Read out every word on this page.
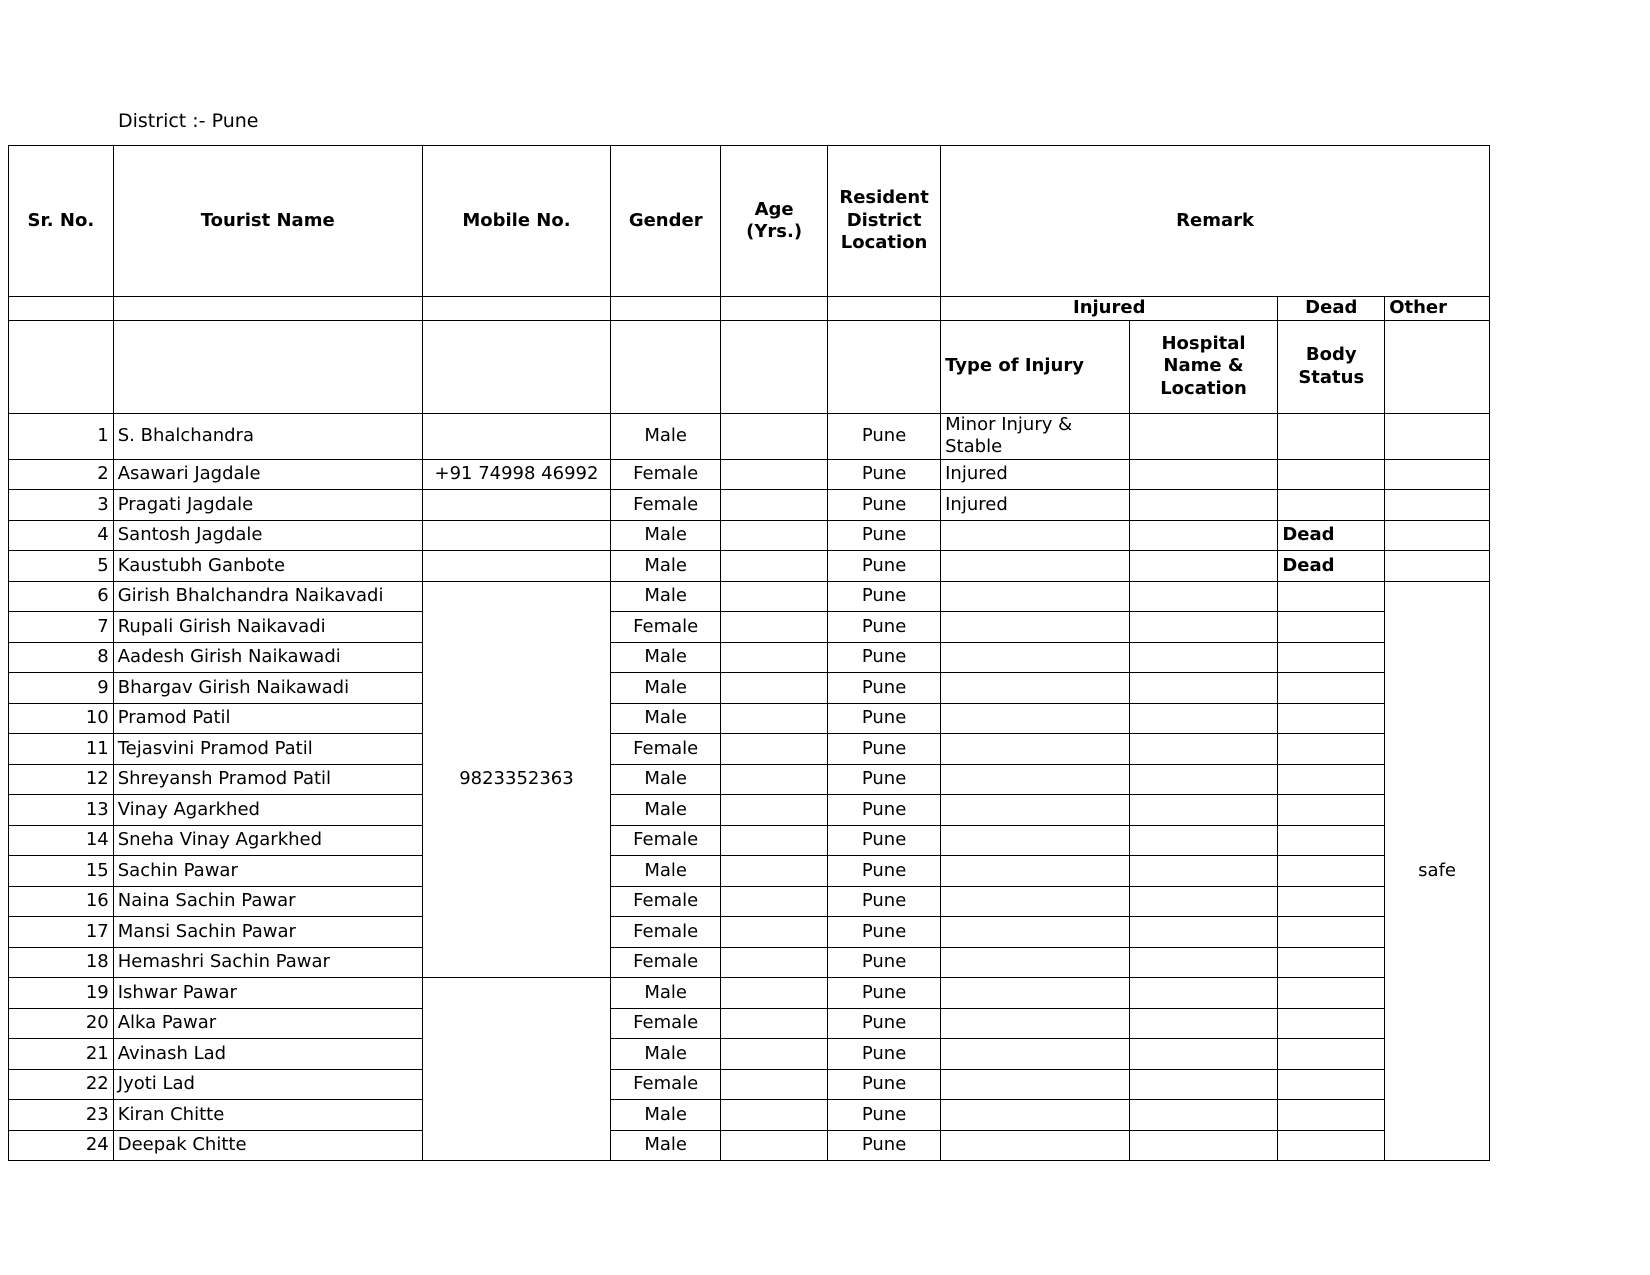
District :- Pune
Sr. No.	Tourist Name	Mobile No.	Gender	Age (Yrs.)	Resident District Location	Remark			
						Injured		Dead	Other
						Type of Injury	Hospital Name & Location	Body Status	
1	S. Bhalchandra		Male		Pune	Minor Injury & Stable			
2	Asawari Jagdale	+91 74998 46992	Female		Pune	Injured			
3	Pragati Jagdale		Female		Pune	Injured			
4	Santosh Jagdale		Male		Pune			Dead	
5	Kaustubh Ganbote		Male		Pune			Dead	
6	Girish Bhalchandra Naikavadi	9823352363	Male		Pune				safe
7	Rupali Girish Naikavadi		Female		Pune				
8	Aadesh Girish Naikawadi		Male		Pune				
9	Bhargav Girish Naikawadi		Male		Pune				
10	Pramod Patil		Male		Pune				
11	Tejasvini Pramod Patil		Female		Pune				
12	Shreyansh Pramod Patil		Male		Pune				
13	Vinay Agarkhed		Male		Pune				
14	Sneha Vinay Agarkhed		Female		Pune				
15	Sachin Pawar		Male		Pune				
16	Naina Sachin Pawar		Female		Pune				
17	Mansi Sachin Pawar		Female		Pune				
18	Hemashri Sachin Pawar		Female		Pune				
19	Ishwar Pawar		Male		Pune				
20	Alka Pawar		Female		Pune				
21	Avinash Lad		Male		Pune				
22	Jyoti Lad		Female		Pune				
23	Kiran Chitte		Male		Pune				
24	Deepak Chitte		Male		Pune				
